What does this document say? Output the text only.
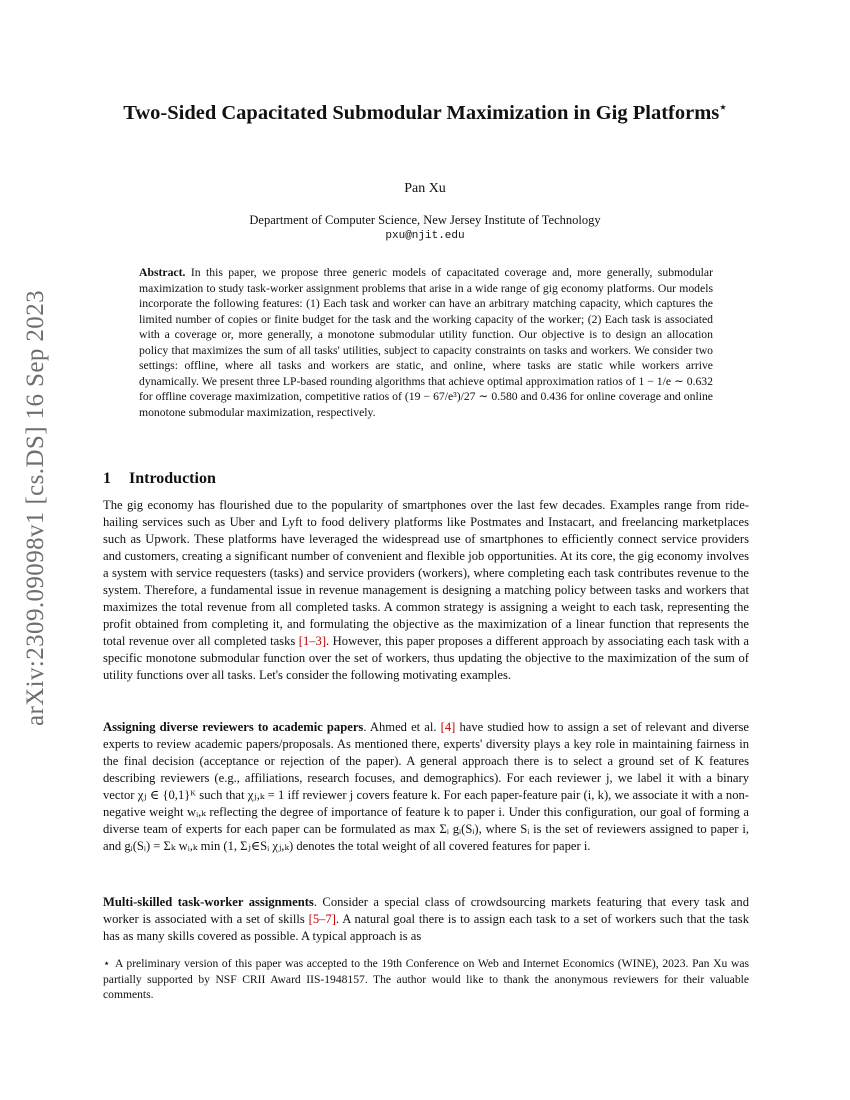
arXiv:2309.09098v1 [cs.DS] 16 Sep 2023
Two-Sided Capacitated Submodular Maximization in Gig Platforms⋆
Pan Xu
Department of Computer Science, New Jersey Institute of Technology
pxu@njit.edu

Abstract. In this paper, we propose three generic models of capacitated coverage and, more generally, submodular maximization to study task-worker assignment problems that arise in a wide range of gig economy platforms. Our models incorporate the following features: (1) Each task and worker can have an arbitrary matching capacity, which captures the limited number of copies or finite budget for the task and the working capacity of the worker; (2) Each task is associated with a coverage or, more generally, a monotone submodular utility function. Our objective is to design an allocation policy that maximizes the sum of all tasks' utilities, subject to capacity constraints on tasks and workers. We consider two settings: offline, where all tasks and workers are static, and online, where tasks are static while workers arrive dynamically. We present three LP-based rounding algorithms that achieve optimal approximation ratios of 1 − 1/e ∼ 0.632 for offline coverage maximization, competitive ratios of (19 − 67/e³)/27 ∼ 0.580 and 0.436 for online coverage and online monotone submodular maximization, respectively.

1 Introduction

The gig economy has flourished due to the popularity of smartphones over the last few decades. Examples range from ride-hailing services such as Uber and Lyft to food delivery platforms like Postmates and Instacart, and freelancing marketplaces such as Upwork. These platforms have leveraged the widespread use of smartphones to efficiently connect service providers and customers, creating a significant number of convenient and flexible job opportunities. At its core, the gig economy involves a system with service requesters (tasks) and service providers (workers), where completing each task contributes revenue to the system. Therefore, a fundamental issue in revenue management is designing a matching policy between tasks and workers that maximizes the total revenue from all completed tasks. A common strategy is assigning a weight to each task, representing the profit obtained from completing it, and formulating the objective as the maximization of a linear function that represents the total revenue over all completed tasks [1–3]. However, this paper proposes a different approach by associating each task with a specific monotone submodular function over the set of workers, thus updating the objective to the maximization of the sum of utility functions over all tasks. Let's consider the following motivating examples.

Assigning diverse reviewers to academic papers. Ahmed et al. [4] have studied how to assign a set of relevant and diverse experts to review academic papers/proposals. As mentioned there, experts' diversity plays a key role in maintaining fairness in the final decision (acceptance or rejection of the paper). A general approach there is to select a ground set of K features describing reviewers (e.g., affiliations, research focuses, and demographics). For each reviewer j, we label it with a binary vector χⱼ ∈ {0,1}ᴷ such that χⱼ,ₖ = 1 iff reviewer j covers feature k. For each paper-feature pair (i, k), we associate it with a non-negative weight wᵢ,ₖ reflecting the degree of importance of feature k to paper i. Under this configuration, our goal of forming a diverse team of experts for each paper can be formulated as max Σᵢ gᵢ(Sᵢ), where Sᵢ is the set of reviewers assigned to paper i, and gᵢ(Sᵢ) = Σₖ wᵢ,ₖ min (1, Σⱼ∈Sᵢ χⱼ,ₖ) denotes the total weight of all covered features for paper i.

Multi-skilled task-worker assignments. Consider a special class of crowdsourcing markets featuring that every task and worker is associated with a set of skills [5–7]. A natural goal there is to assign each task to a set of workers such that the task has as many skills covered as possible. A typical approach is as

⋆ A preliminary version of this paper was accepted to the 19th Conference on Web and Internet Economics (WINE), 2023. Pan Xu was partially supported by NSF CRII Award IIS-1948157. The author would like to thank the anonymous reviewers for their valuable comments.
